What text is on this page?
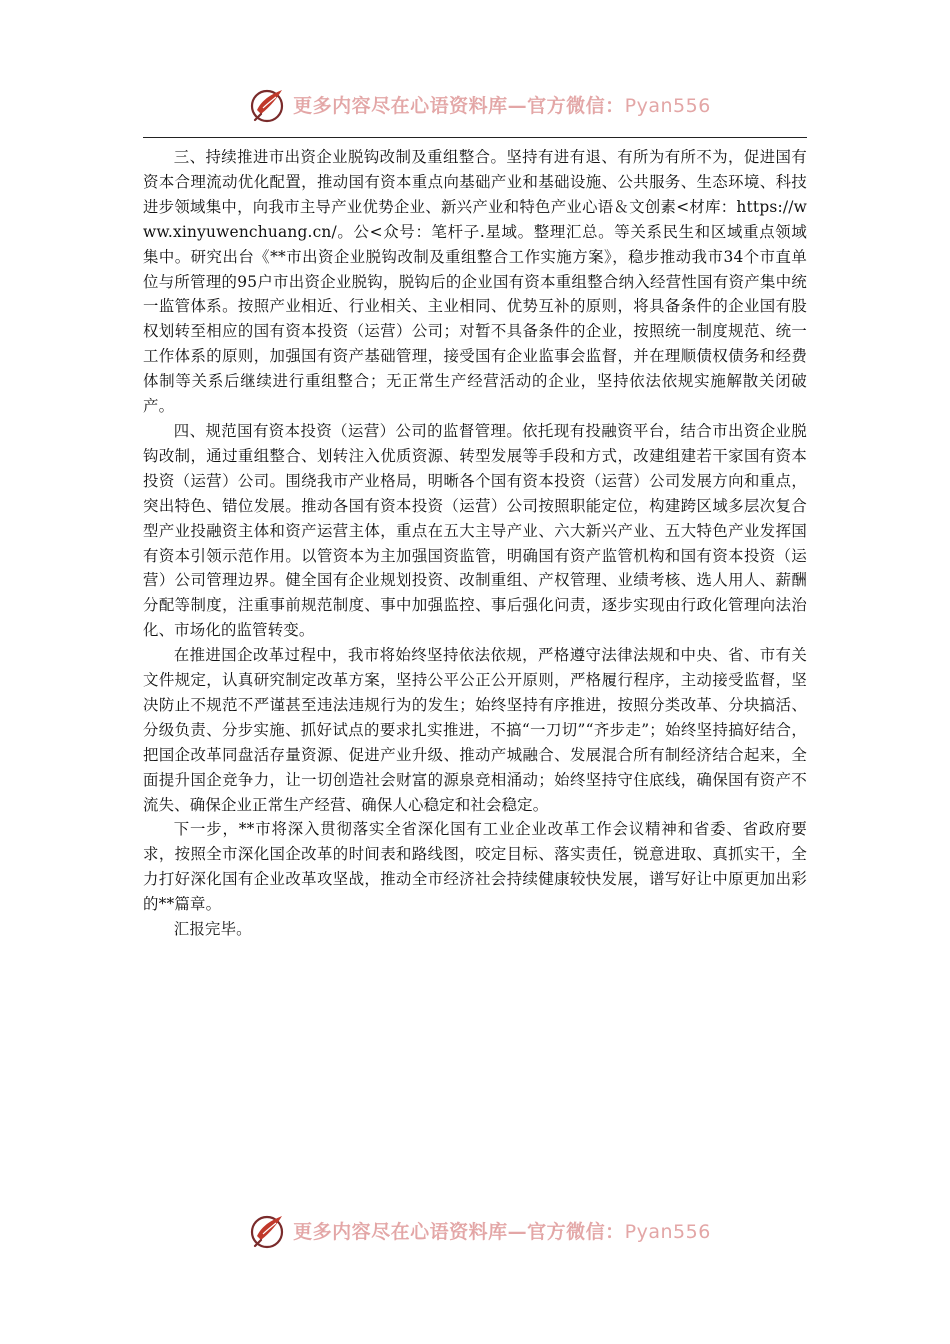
更多内容尽在心语资料库—官方微信：Pyan556

三、持续推进市出资企业脱钩改制及重组整合。坚持有进有退、有所为有所不为，促进国有资本合理流动优化配置，推动国有资本重点向基础产业和基础设施、公共服务、生态环境、科技进步领域集中，向我市主导产业优势企业、新兴产业和特色产业心语＆文创素<材库：https://www.xinyuwenchuang.cn/。公<众号：笔杆子.星域。整理汇总。等关系民生和区域重点领域集中。研究出台《**市出资企业脱钩改制及重组整合工作实施方案》，稳步推动我市34个市直单位与所管理的95户市出资企业脱钩，脱钩后的企业国有资本重组整合纳入经营性国有资产集中统一监管体系。按照产业相近、行业相关、主业相同、优势互补的原则，将具备条件的企业国有股权划转至相应的国有资本投资（运营）公司；对暂不具备条件的企业，按照统一制度规范、统一工作体系的原则，加强国有资产基础管理，接受国有企业监事会监督，并在理顺债权债务和经费体制等关系后继续进行重组整合；无正常生产经营活动的企业，坚持依法依规实施解散关闭破产。

四、规范国有资本投资（运营）公司的监督管理。依托现有投融资平台，结合市出资企业脱钩改制，通过重组整合、划转注入优质资源、转型发展等手段和方式，改建组建若干家国有资本投资（运营）公司。围绕我市产业格局，明晰各个国有资本投资（运营）公司发展方向和重点，突出特色、错位发展。推动各国有资本投资（运营）公司按照职能定位，构建跨区域多层次复合型产业投融资主体和资产运营主体，重点在五大主导产业、六大新兴产业、五大特色产业发挥国有资本引领示范作用。以管资本为主加强国资监管，明确国有资产监管机构和国有资本投资（运营）公司管理边界。健全国有企业规划投资、改制重组、产权管理、业绩考核、选人用人、薪酬分配等制度，注重事前规范制度、事中加强监控、事后强化问责，逐步实现由行政化管理向法治化、市场化的监管转变。

在推进国企改革过程中，我市将始终坚持依法依规，严格遵守法律法规和中央、省、市有关文件规定，认真研究制定改革方案，坚持公平公正公开原则，严格履行程序，主动接受监督，坚决防止不规范不严谨甚至违法违规行为的发生；始终坚持有序推进，按照分类改革、分块搞活、分级负责、分步实施、抓好试点的要求扎实推进，不搞“一刀切”“齐步走”；始终坚持搞好结合，把国企改革同盘活存量资源、促进产业升级、推动产城融合、发展混合所有制经济结合起来，全面提升国企竞争力，让一切创造社会财富的源泉竞相涌动；始终坚持守住底线，确保国有资产不流失、确保企业正常生产经营、确保人心稳定和社会稳定。

下一步，**市将深入贯彻落实全省深化国有工业企业改革工作会议精神和省委、省政府要求，按照全市深化国企改革的时间表和路线图，咬定目标、落实责任，锐意进取、真抓实干，全力打好深化国有企业改革攻坚战，推动全市经济社会持续健康较快发展，谱写好让中原更加出彩的**篇章。

汇报完毕。

更多内容尽在心语资料库—官方微信：Pyan556
